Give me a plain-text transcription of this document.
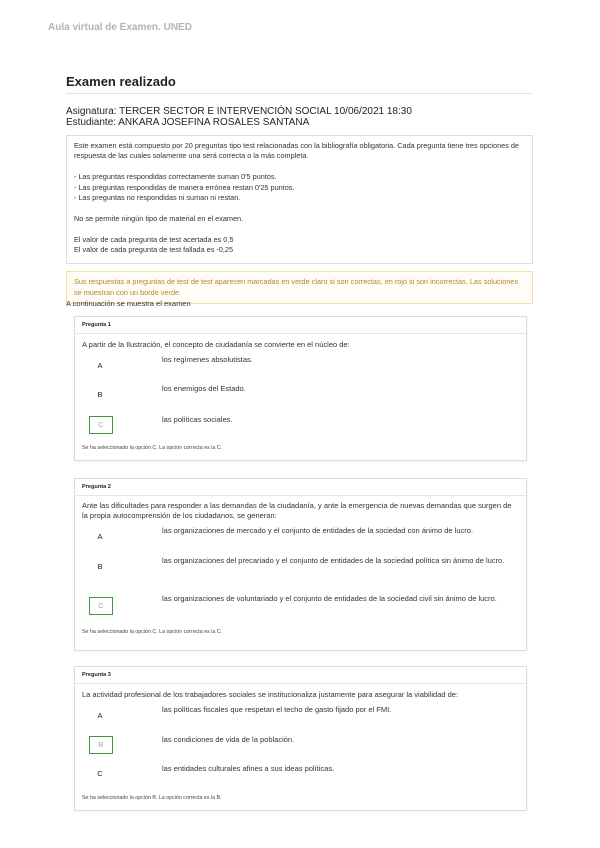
Aula virtual de Examen. UNED
Examen realizado
Asignatura: TERCER SECTOR E INTERVENCIÓN SOCIAL 10/06/2021 18:30
Estudiante: ANKARA JOSEFINA ROSALES SANTANA

Este examen está compuesto por 20 preguntas tipo test relacionadas con la bibliografía obligatoria. Cada pregunta tiene tres opciones de respuesta de las cuales solamente una será correcta o la más completa.

- Las preguntas respondidas correctamente suman 0'5 puntos.

- Las preguntas respondidas de manera errónea restan 0'25 puntos.

- Las preguntas no respondidas ni suman ni restan.

No se permite ningún tipo de material en el examen.

El valor de cada pregunta de test acertada es 0,5

El valor de cada pregunta de test fallada es -0,25

Sus respuestas a preguntas de test de test aparecen marcadas en verde claro si son correctas, en rojo si son incorrectas. Las soluciones se muestran con un borde verde.
A continuación se muestra el examen
Pregunta 1
A partir de la Ilustración, el concepto de ciudadanía se convierte en el núcleo de:
A
los regímenes absolutistas.
B
los enemigos del Estado.
C
las políticas sociales.
Se ha seleccionado la opción C. La opción correcta es la C.
Pregunta 2
Ante las dificultades para responder a las demandas de la ciudadanía, y ante la emergencia de nuevas demandas que surgen de la propia autocomprensión de los ciudadanos, se generan:
A
las organizaciones de mercado y el conjunto de entidades de la sociedad con ánimo de lucro.
B
las organizaciones del precariado y el conjunto de entidades de la sociedad política sin ánimo de lucro.
C
las organizaciones de voluntariado y el conjunto de entidades de la sociedad civil sin ánimo de lucro.
Se ha seleccionado la opción C. La opción correcta es la C.
Pregunta 3
La actividad profesional de los trabajadores sociales se institucionaliza justamente para asegurar la viabilidad de:
A
las políticas fiscales que respetan el techo de gasto fijado por el FMI.
B
las condiciones de vida de la población.
C
las entidades culturales afines a sus ideas políticas.
Se ha seleccionado la opción B. La opción correcta es la B.
